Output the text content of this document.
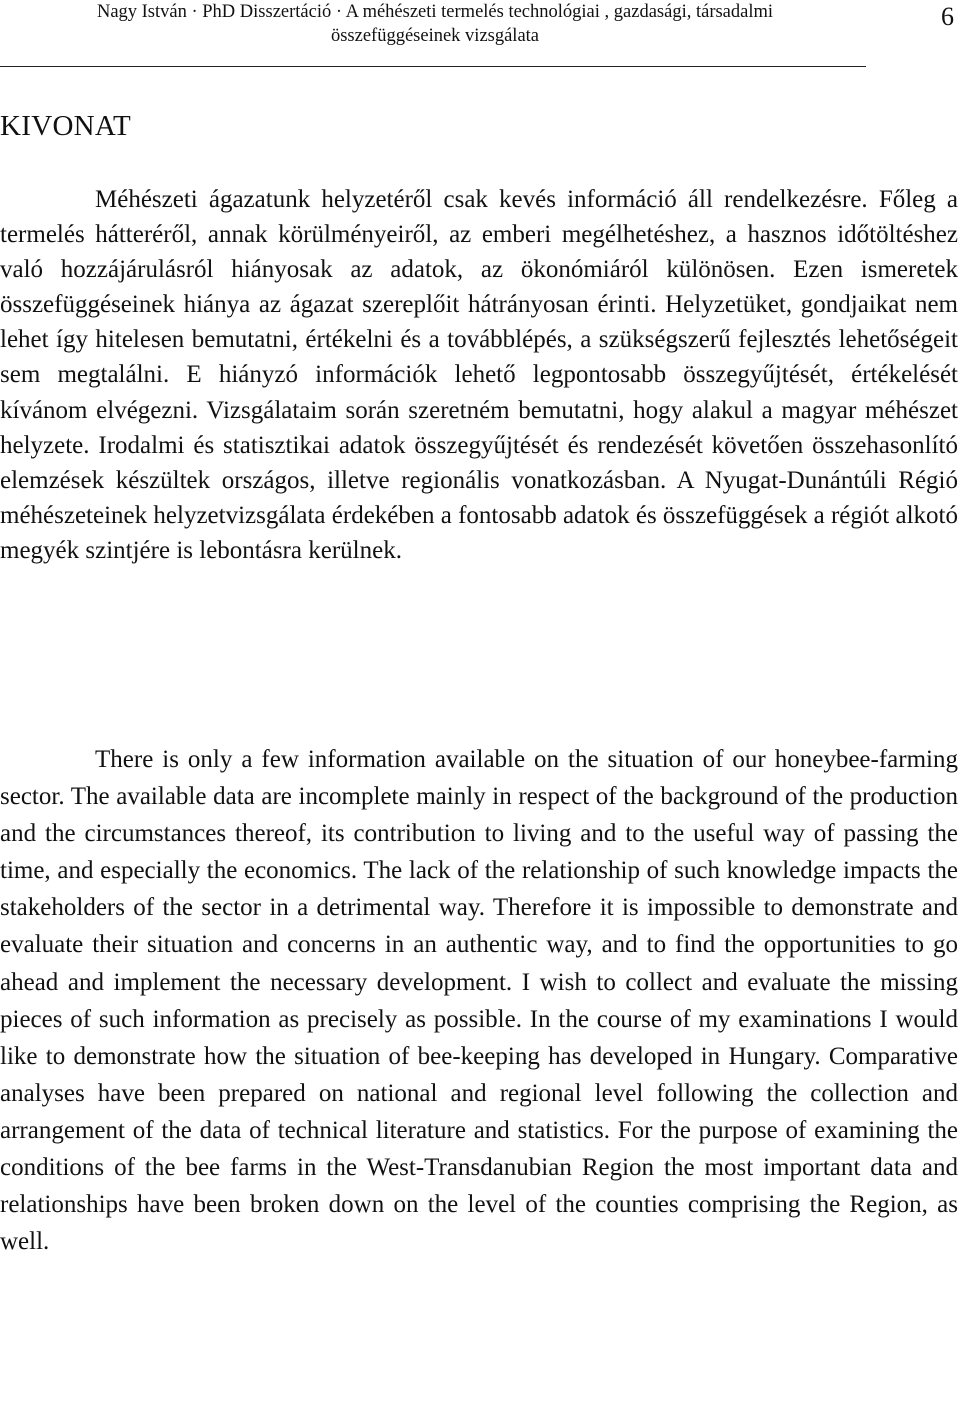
Nagy István · PhD Disszertáció · A méhészeti termelés technológiai , gazdasági, társadalmi
összefüggéseinek vizsgálata
6
KIVONAT

Méhészeti ágazatunk helyzetéről csak kevés információ áll rendelkezésre. Főleg a termelés hátteréről, annak körülményeiről, az emberi megélhetéshez, a hasznos időtöltéshez való hozzájárulásról hiányosak az adatok, az ökonómiáról különösen. Ezen ismeretek összefüggéseinek hiánya az ágazat szereplőit hátrányosan érinti. Helyzetüket, gondjaikat nem lehet így hitelesen bemutatni, értékelni és a továbblépés, a szükségszerű fejlesztés lehetőségeit sem megtalálni. E hiányzó információk lehető legpontosabb összegyűjtését, értékelését kívánom elvégezni. Vizsgálataim során szeretném bemutatni, hogy alakul a magyar méhészet helyzete. Irodalmi és statisztikai adatok összegyűjtését és rendezését követően összehasonlító elemzések készültek országos, illetve regionális vonatkozásban. A Nyugat-Dunántúli Régió méhészeteinek helyzetvizsgálata érdekében a fontosabb adatok és összefüggések a régiót alkotó megyék szintjére is lebontásra kerülnek.

There is only a few information available on the situation of our honeybee-farming sector. The available data are incomplete mainly in respect of the background of the production and the circumstances thereof, its contribution to living and to the useful way of passing the time, and especially the economics. The lack of the relationship of such knowledge impacts the stakeholders of the sector in a detrimental way. Therefore it is impossible to demonstrate and evaluate their situation and concerns in an authentic way, and to find the opportunities to go ahead and implement the necessary development. I wish to collect and evaluate the missing pieces of such information as precisely as possible. In the course of my examinations I would like to demonstrate how the situation of bee-keeping has developed in Hungary. Comparative analyses have been prepared on national and regional level following the collection and arrangement of the data of technical literature and statistics. For the purpose of examining the conditions of the bee farms in the West-Transdanubian Region the most important data and relationships have been broken down on the level of the counties comprising the Region, as well.
